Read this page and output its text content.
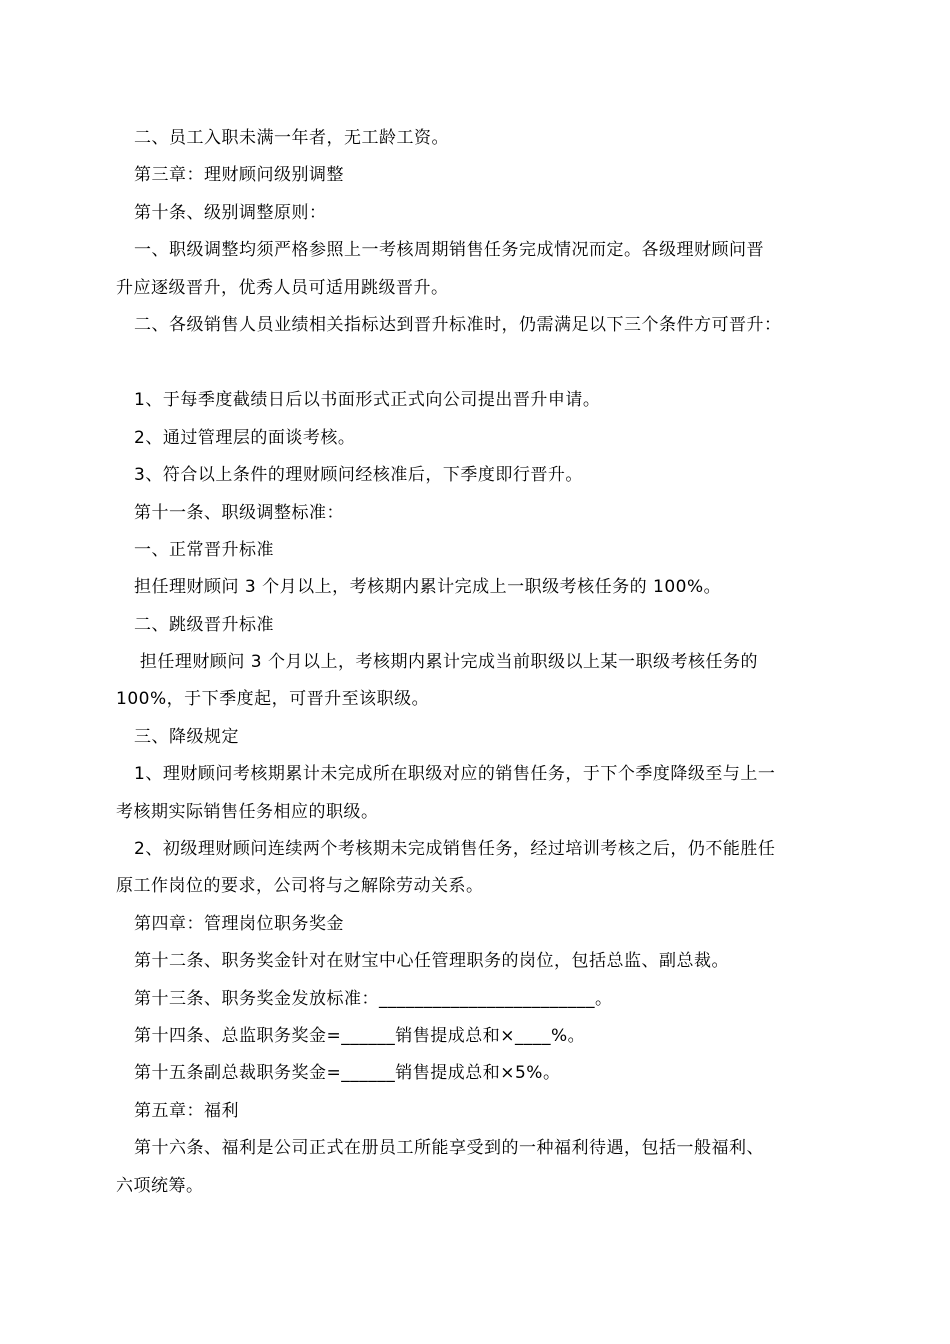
二、员工入职未满一年者，无工龄工资。
第三章：理财顾问级别调整
第十条、级别调整原则：
一、职级调整均须严格参照上一考核周期销售任务完成情况而定。各级理财顾问晋
升应逐级晋升，优秀人员可适用跳级晋升。
二、各级销售人员业绩相关指标达到晋升标准时，仍需满足以下三个条件方可晋升：
1、于每季度截绩日后以书面形式正式向公司提出晋升申请。
2、通过管理层的面谈考核。
3、符合以上条件的理财顾问经核准后，下季度即行晋升。
第十一条、职级调整标准：
一、正常晋升标准
担任理财顾问 3 个月以上，考核期内累计完成上一职级考核任务的 100%。
二、跳级晋升标准
担任理财顾问 3 个月以上，考核期内累计完成当前职级以上某一职级考核任务的
100%，于下季度起，可晋升至该职级。
三、降级规定
1、理财顾问考核期累计未完成所在职级对应的销售任务，于下个季度降级至与上一
考核期实际销售任务相应的职级。
2、初级理财顾问连续两个考核期未完成销售任务，经过培训考核之后，仍不能胜任
原工作岗位的要求，公司将与之解除劳动关系。
第四章：管理岗位职务奖金
第十二条、职务奖金针对在财宝中心任管理职务的岗位，包括总监、副总裁。
第十三条、职务奖金发放标准：________________________。
第十四条、总监职务奖金=______销售提成总和×____%。
第十五条副总裁职务奖金=______销售提成总和×5%。
第五章：福利
第十六条、福利是公司正式在册员工所能享受到的一种福利待遇，包括一般福利、
六项统筹。
